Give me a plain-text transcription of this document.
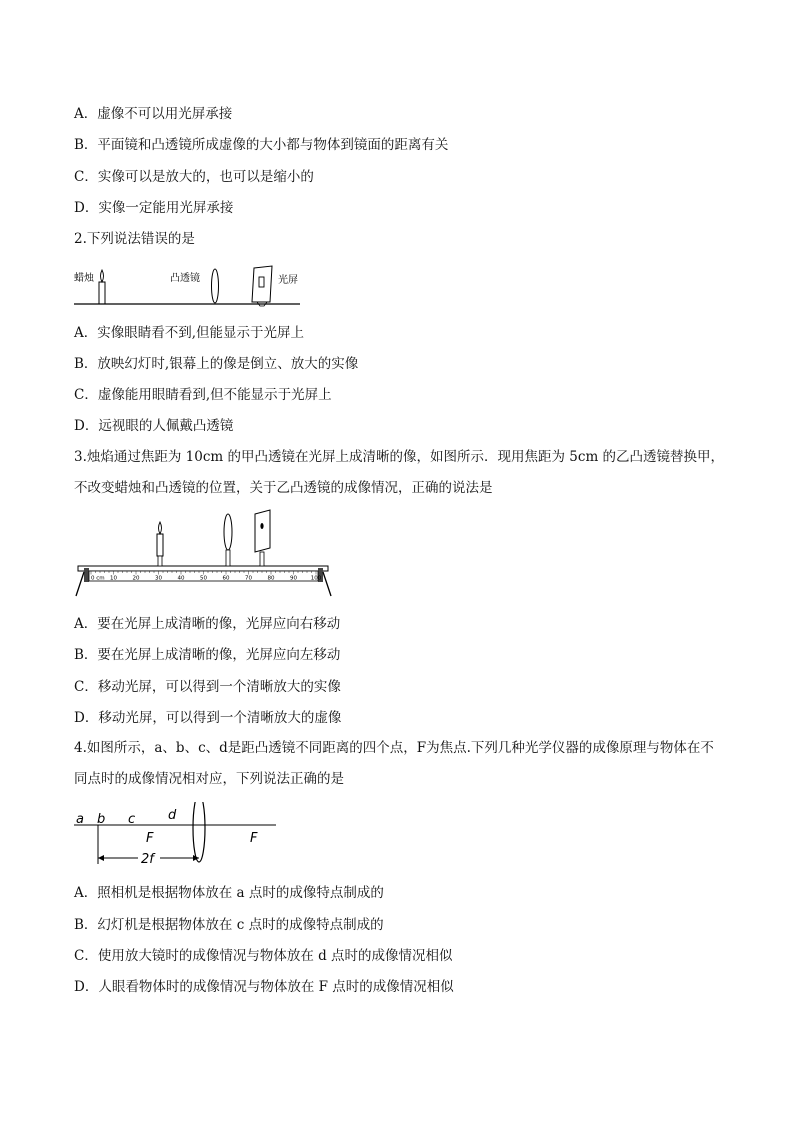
A．虚像不可以用光屏承接
B．平面镜和凸透镜所成虚像的大小都与物体到镜面的距离有关
C．实像可以是放大的，也可以是缩小的
D．实像一定能用光屏承接
2.下列说法错误的是
蜡烛	凸透镜	光屏
A．实像眼睛看不到,但能显示于光屏上
B．放映幻灯时,银幕上的像是倒立、放大的实像
C．虚像能用眼睛看到,但不能显示于光屏上
D．远视眼的人佩戴凸透镜
3.烛焰通过焦距为 10cm 的甲凸透镜在光屏上成清晰的像，如图所示．现用焦距为 5cm 的乙凸透镜替换甲，
不改变蜡烛和凸透镜的位置，关于乙凸透镜的成像情况，正确的说法是
0 cm 10	20	30	40	50	60	70	80	90	100
A．要在光屏上成清晰的像，光屏应向右移动
B．要在光屏上成清晰的像，光屏应向左移动
C．移动光屏，可以得到一个清晰放大的实像
D．移动光屏，可以得到一个清晰放大的虚像
4.如图所示，a、b、c、d是距凸透镜不同距离的四个点，F为焦点.下列几种光学仪器的成像原理与物体在不
同点时的成像情况相对应，下列说法正确的是
a b c	d
F	F
2f
A．照相机是根据物体放在 a 点时的成像特点制成的
B．幻灯机是根据物体放在 c 点时的成像特点制成的
C．使用放大镜时的成像情况与物体放在 d 点时的成像情况相似
D．人眼看物体时的成像情况与物体放在 F 点时的成像情况相似
